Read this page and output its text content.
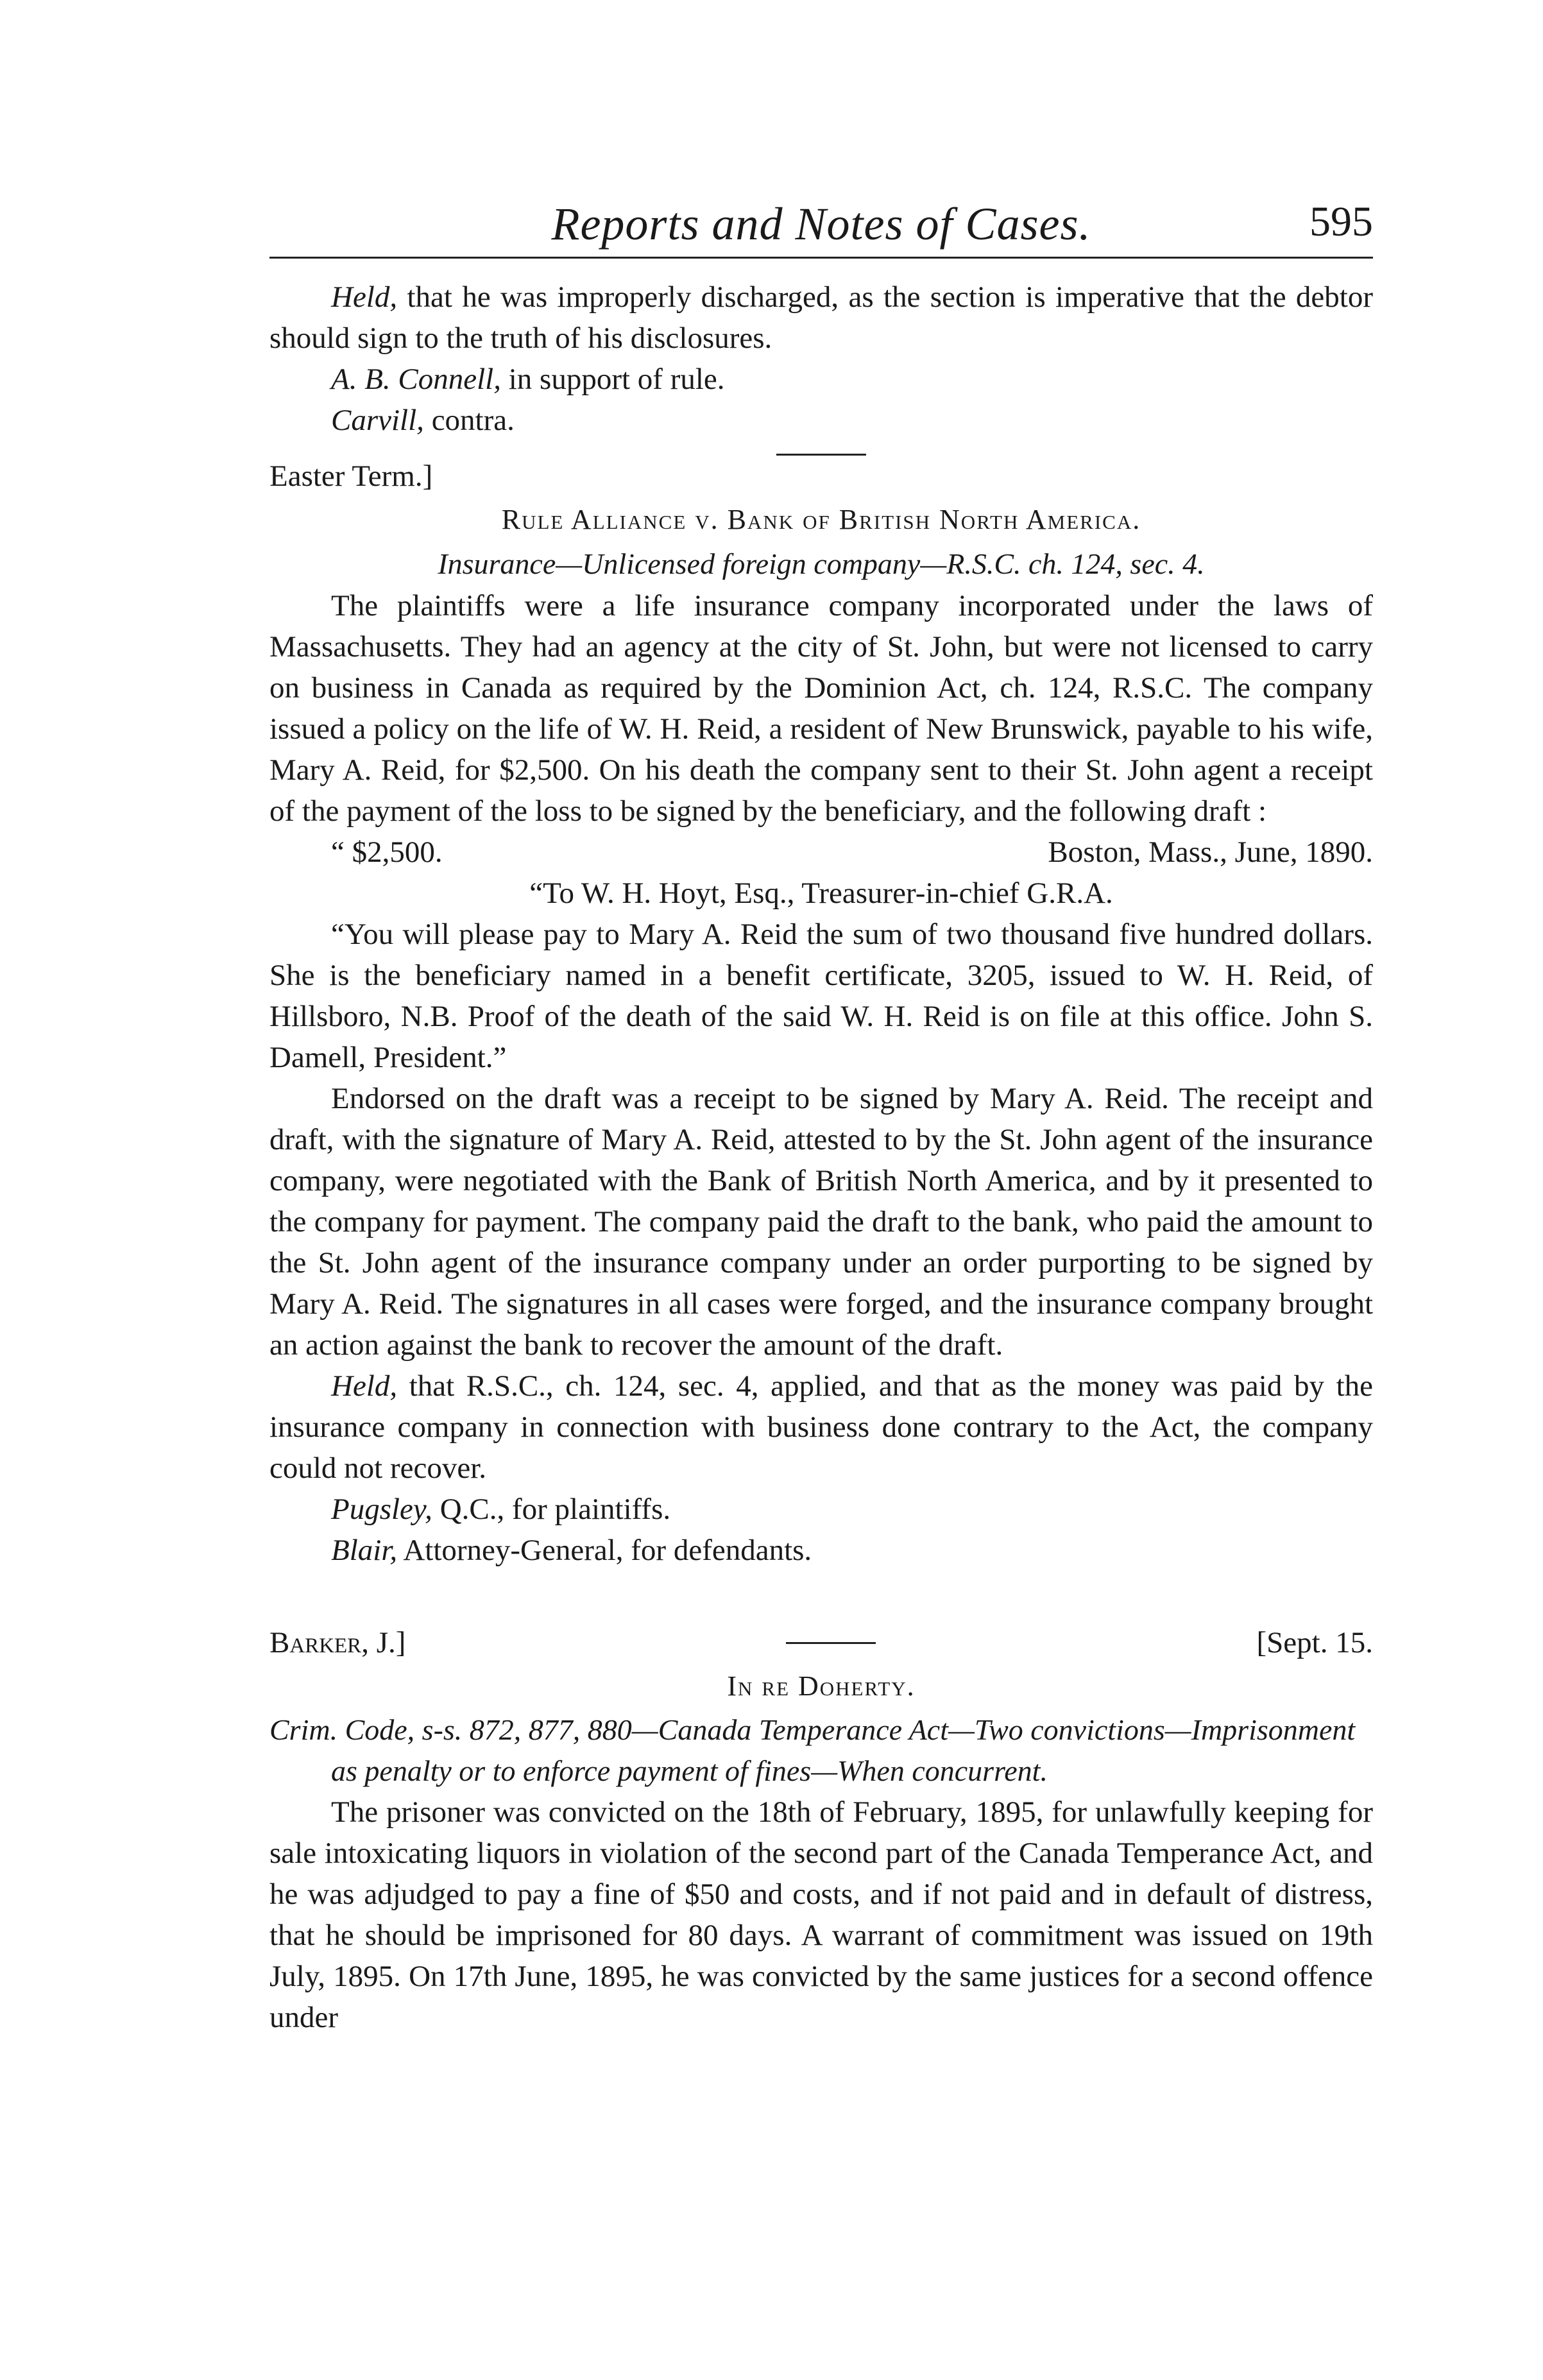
Reports and Notes of Cases.	595

Held, that he was improperly discharged, as the section is imperative that the debtor should sign to the truth of his disclosures.

A. B. Connell, in support of rule.

Carvill, contra.

Easter Term.]
Rule Alliance v. Bank of British North America.
Insurance—Unlicensed foreign company—R.S.C. ch. 124, sec. 4.

The plaintiffs were a life insurance company incorporated under the laws of Massachusetts. They had an agency at the city of St. John, but were not licensed to carry on business in Canada as required by the Dominion Act, ch. 124, R.S.C. The company issued a policy on the life of W. H. Reid, a resident of New Brunswick, payable to his wife, Mary A. Reid, for $2,500. On his death the company sent to their St. John agent a receipt of the payment of the loss to be signed by the beneficiary, and the following draft :

“ $2,500.	Boston, Mass., June, 1890.
“To W. H. Hoyt, Esq., Treasurer-in-chief G.R.A.

“You will please pay to Mary A. Reid the sum of two thousand five hundred dollars. She is the beneficiary named in a benefit certificate, 3205, issued to W. H. Reid, of Hillsboro, N.B. Proof of the death of the said W. H. Reid is on file at this office. John S. Damell, President.”

Endorsed on the draft was a receipt to be signed by Mary A. Reid. The receipt and draft, with the signature of Mary A. Reid, attested to by the St. John agent of the insurance company, were negotiated with the Bank of British North America, and by it presented to the company for payment. The company paid the draft to the bank, who paid the amount to the St. John agent of the insurance company under an order purporting to be signed by Mary A. Reid. The signatures in all cases were forged, and the insurance company brought an action against the bank to recover the amount of the draft.

Held, that R.S.C., ch. 124, sec. 4, applied, and that as the money was paid by the insurance company in connection with business done contrary to the Act, the company could not recover.

Pugsley, Q.C., for plaintiffs.

Blair, Attorney-General, for defendants.

Barker, J.]	[Sept. 15.
In re Doherty.

Crim. Code, s-s. 872, 877, 880—Canada Temperance Act—Two convictions—Imprisonment as penalty or to enforce payment of fines—When concurrent.

The prisoner was convicted on the 18th of February, 1895, for unlawfully keeping for sale intoxicating liquors in violation of the second part of the Canada Temperance Act, and he was adjudged to pay a fine of $50 and costs, and if not paid and in default of distress, that he should be imprisoned for 80 days. A warrant of commitment was issued on 19th July, 1895. On 17th June, 1895, he was convicted by the same justices for a second offence under
